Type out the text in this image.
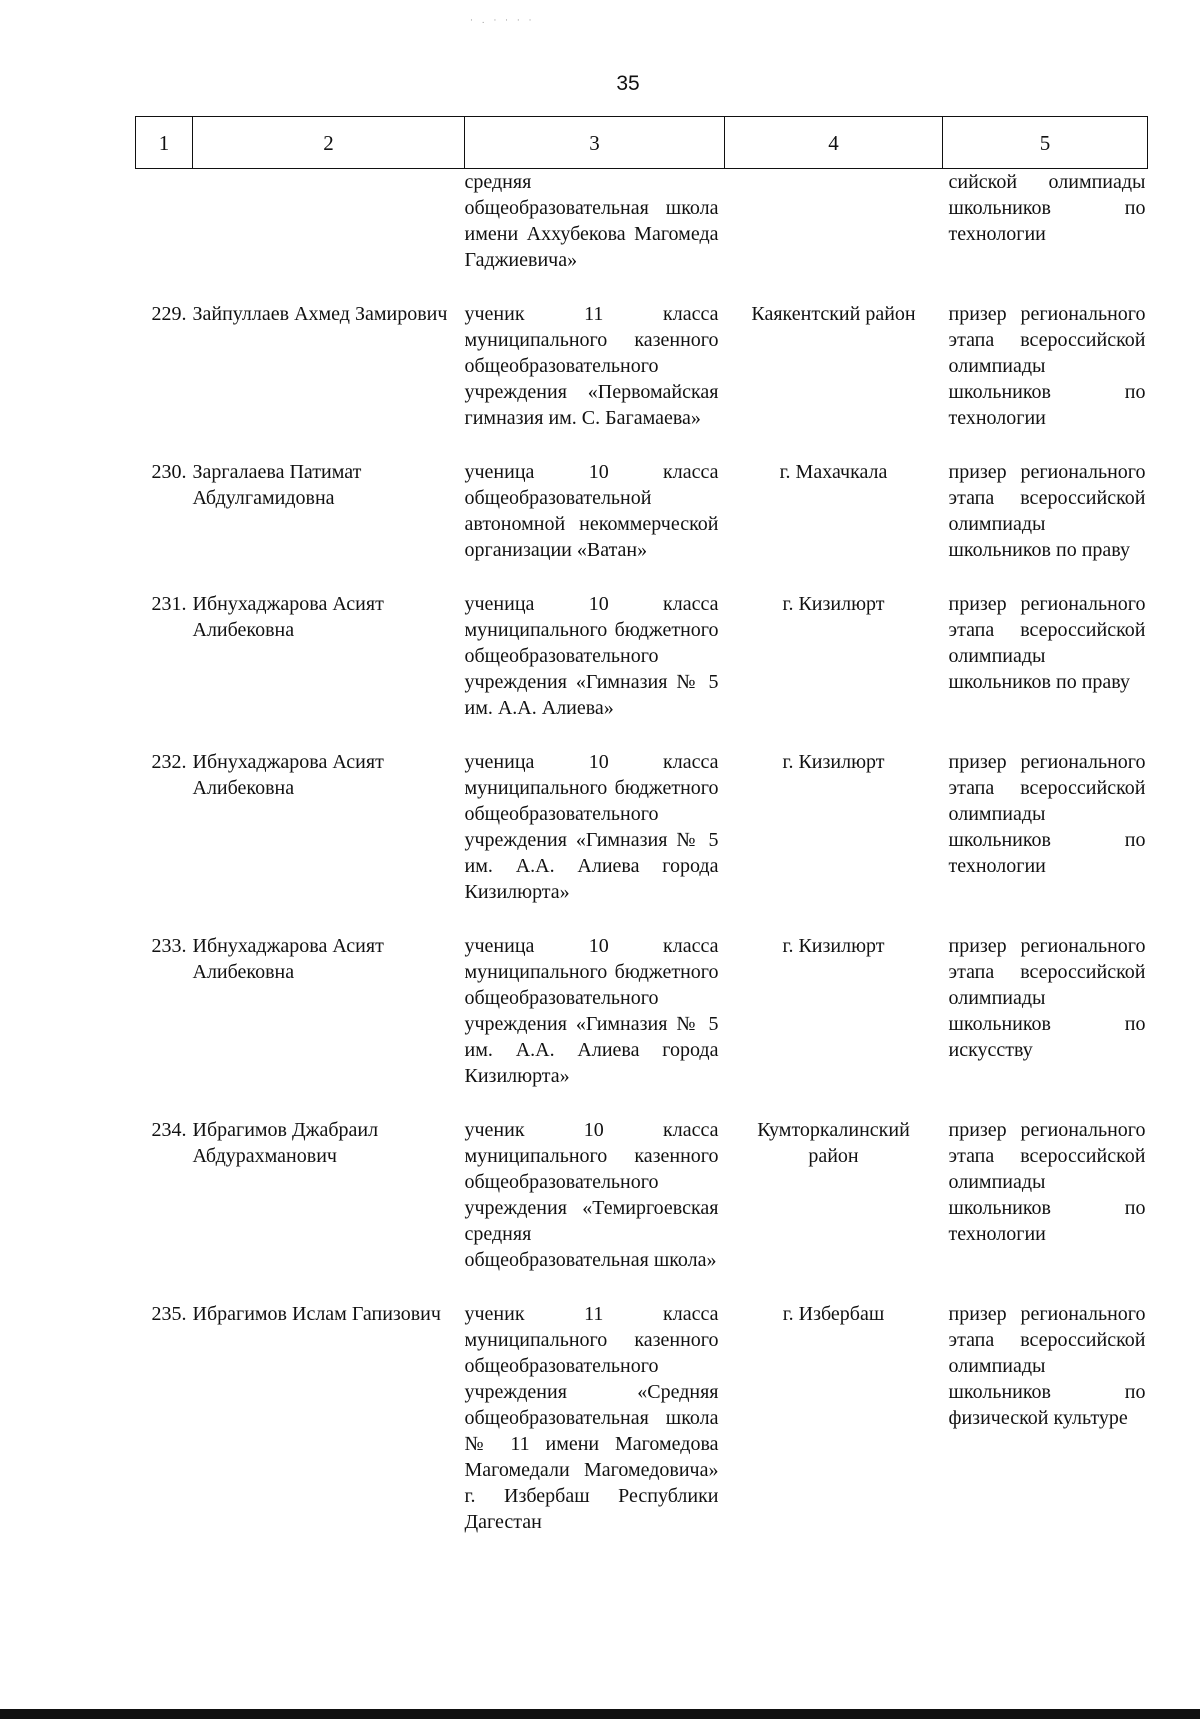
· . · · · ·
35
1	2	3	4	5
		средняя общеобразовательная школа имени Аххубекова Магомеда Гаджиевича»		сийской олимпиады школьников по технологии

229.	Зайпуллаев Ахмед Замирович	ученик 11 класса муниципального казенного общеобразовательного учреждения «Первомайская гимназия им. С. Багамаева»	Каякентский район	призер регионального этапа всероссийской олимпиады школьников по технологии

230.	Заргалаева Патимат Абдулгамидовна	ученица 10 класса общеобразовательной автономной некоммерческой организации «Ватан»	г. Махачкала	призер регионального этапа всероссийской олимпиады школьников по праву

231.	Ибнухаджарова Асият Алибековна	ученица 10 класса муниципального бюджетного общеобразовательного учреждения «Гимназия № 5 им. А.А. Алиева»	г. Кизилюрт	призер регионального этапа всероссийской олимпиады школьников по праву

232.	Ибнухаджарова Асият Алибековна	ученица 10 класса муниципального бюджетного общеобразовательного учреждения «Гимназия № 5 им. А.А. Алиева города Кизилюрта»	г. Кизилюрт	призер регионального этапа всероссийской олимпиады школьников по технологии

233.	Ибнухаджарова Асият Алибековна	ученица 10 класса муниципального бюджетного общеобразовательного учреждения «Гимназия № 5 им. А.А. Алиева города Кизилюрта»	г. Кизилюрт	призер регионального этапа всероссийской олимпиады школьников по искусству

234.	Ибрагимов Джабраил Абдурахманович	ученик 10 класса муниципального казенного общеобразовательного учреждения «Темиргоевская средняя общеобразовательная школа»	Кумторкалинский район	призер регионального этапа всероссийской олимпиады школьников по технологии

235.	Ибрагимов Ислам Гапизович	ученик 11 класса муниципального казенного общеобразовательного учреждения «Средняя общеобразовательная школа № 11 имени Магомедова Магомедали Магомедовича» г. Избербаш Республики Дагестан	г. Избербаш	призер регионального этапа всероссийской олимпиады школьников по физической культуре
